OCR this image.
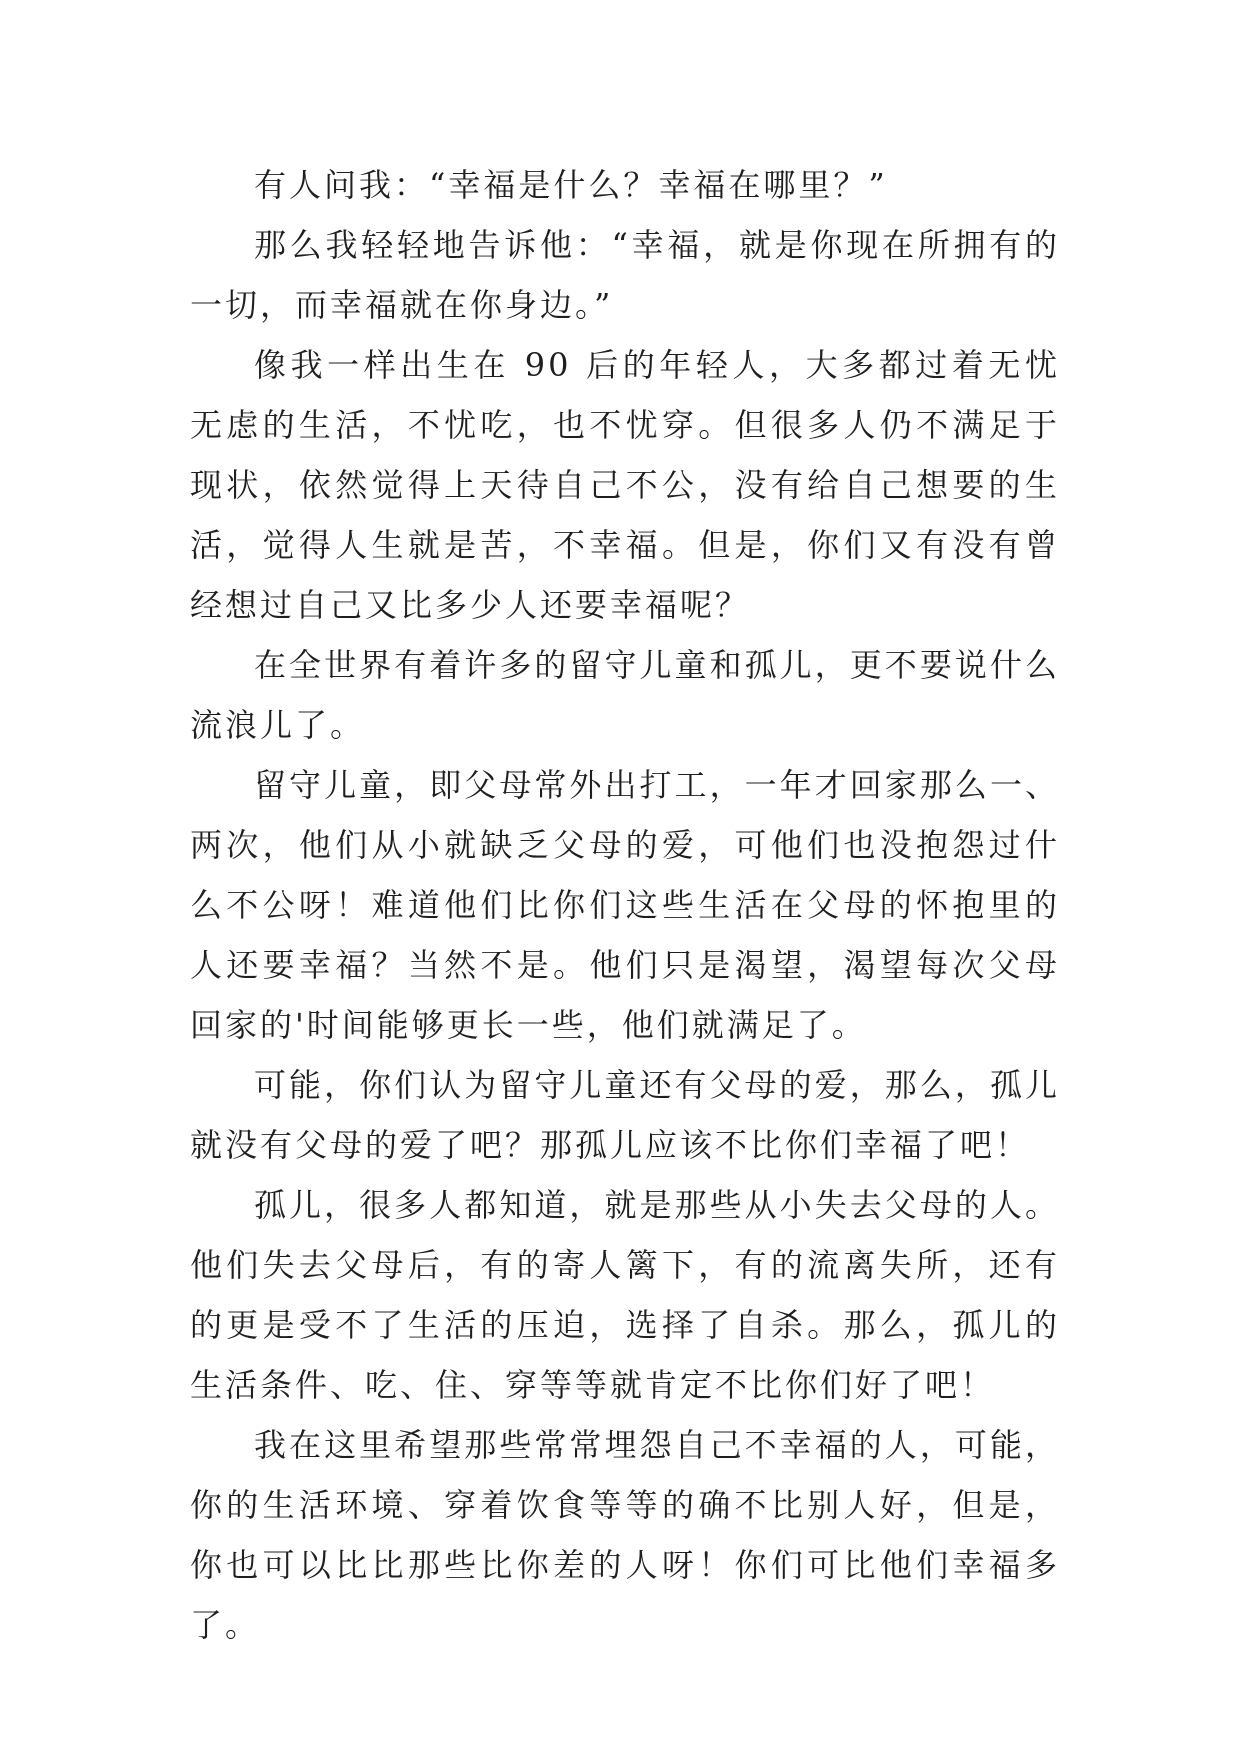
有人问我：“幸福是什么？幸福在哪里？”

那么我轻轻地告诉他：“幸福，就是你现在所拥有的一切，而幸福就在你身边。”

像我一样出生在 90 后的年轻人，大多都过着无忧无虑的生活，不忧吃，也不忧穿。但很多人仍不满足于现状，依然觉得上天待自己不公，没有给自己想要的生活，觉得人生就是苦，不幸福。但是，你们又有没有曾经想过自己又比多少人还要幸福呢？

在全世界有着许多的留守儿童和孤儿，更不要说什么流浪儿了。

留守儿童，即父母常外出打工，一年才回家那么一、两次，他们从小就缺乏父母的爱，可他们也没抱怨过什么不公呀！难道他们比你们这些生活在父母的怀抱里的人还要幸福？当然不是。他们只是渴望，渴望每次父母回家的'时间能够更长一些，他们就满足了。

可能，你们认为留守儿童还有父母的爱，那么，孤儿就没有父母的爱了吧？那孤儿应该不比你们幸福了吧！

孤儿，很多人都知道，就是那些从小失去父母的人。他们失去父母后，有的寄人篱下，有的流离失所，还有的更是受不了生活的压迫，选择了自杀。那么，孤儿的生活条件、吃、住、穿等等就肯定不比你们好了吧！

我在这里希望那些常常埋怨自己不幸福的人，可能，你的生活环境、穿着饮食等等的确不比别人好，但是，你也可以比比那些比你差的人呀！你们可比他们幸福多了。
